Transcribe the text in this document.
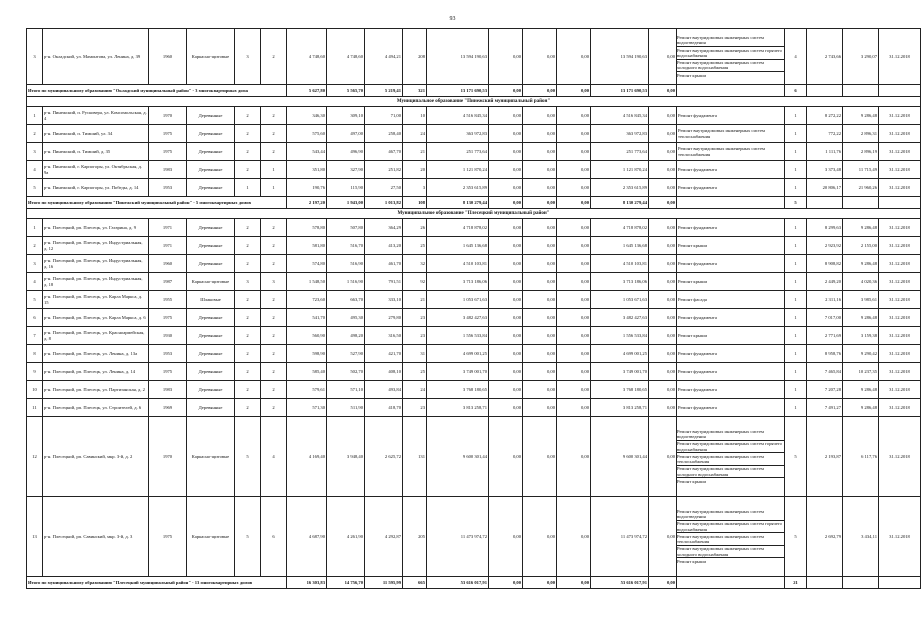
93
3	р-н. Окладский, ул. Мамонтова, ул. Ленина, д. 39	1960	Каркасно-щитовые	3	2	4 748,60	4 748,60	4 494,21	208	13 594 190,63	0,00	0,00	0,00	13 594 190,63	0,00	Ремонт внутридомовых инженерных систем водоотведения
Ремонт внутридомовых инженерных систем горячего водоснабжения
Ремонт внутридомовых инженерных систем холодного водоснабжения
Ремонт крыши	4	2 743,66	3 290,07	31.12.2018
Итого по муниципальному образованию "Окладский муниципальный район" - 3 многоквартирных дома						5 627,80	5 565,70	5 219,41	321	13 171 690,53	0,00	0,00	0,00	13 171 690,53	0,00		6			
Муниципальное образование "Пинежский муниципальный район"																				
1	р-н. Пинежский, п. Русковера, ул. Комсомольская, д. 4	1970	Деревянные	2	2	346,30	309,10	71,00	10	4 516 845,34	0,00	0,00	0,00	4 516 845,34	0,00	Ремонт фундамента	1	8 272,22	9 286,48	31.12.2018
2	р-н. Пинежский, п. Тимший, ул. 34	1975	Деревянные	2	2	575,60	497,00	258,40	24	363 972,83	0,00	0,00	0,00	363 972,83	0,00	Ремонт внутридомовых инженерных систем теплоснабжения	1	772,22	2 896,31	31.12.2018
3	р-н. Пинежский, п. Тимший, д. 35	1975	Деревянные	2	2	543,44	496,90	467,70	21	251 773,64	0,00	0,00	0,00	251 773,64	0,00	Ремонт внутридомовых инженерных систем теплоснабжения	1	1 111,76	2 896,19	31.12.2018
4	р-н. Пинежский, г. Карпогоры, ул. Октябрьская, д. 9а	1983	Деревянные	2	1	351,80	327,90	251,82	20	1 121 870,24	0,00	0,00	0,00	1 121 870,24	0,00	Ремонт фундамента	1	3 373,48	11 715,49	31.12.2018
5	р-н. Пинежский, г. Карпогоры, ул. Победы, д. 14	1953	Деревянные	1	1	190,76	115,90	27,50	3	2 353 615,89	0,00	0,00	0,00	2 353 615,89	0,00	Ремонт фундамента	1	20 806,17	21 960,26	31.12.2018
Итого по муниципальному образованию "Пинежский муниципальный район" - 5 многоквартирных домов						2 197,20	1 943,00	1 013,82	108	8 130 279,44	0,00	0,00	0,00	8 130 279,44	0,00		5			
Муниципальное образование "Плесецкий муниципальный район"																				
1	р-н. Плесецкий, рп. Плесецк, ул. Гагарина, д. 9	1971	Деревянные	2	2	578,80	507,80	364,29	26	4 718 878,02	0,00	0,00	0,00	4 718 878,02	0,00	Ремонт фундамента	1	8 299,63	9 286,48	31.12.2018
2	р-н. Плесецкий, рп. Плесецк, ул. Индустриальная, д. 12	1971	Деревянные	2	2	581,80	516,70	413,20	25	1 645 136,68	0,00	0,00	0,00	1 645 136,68	0,00	Ремонт крыши	1	2 923,92	2 155,00	31.12.2018
3	р-н. Плесецкий, рп. Плесецк, ул. Индустриальная, д. 16	1960	Деревянные	2	2	574,80	516,90	461,70	32	4 510 103,81	0,00	0,00	0,00	4 510 103,81	0,00	Ремонт фундамента	1	8 908,82	9 286,48	31.12.2018
4	р-н. Плесецкий, рп. Плесецк, ул. Индустриальная, д. 18	1987	Каркасно-щитовые	3	3	1 548,50	1 516,90	791,51	92	3 713 186,06	0,00	0,00	0,00	3 713 186,06	0,00	Ремонт крыши	1	2 449,20	4 020,36	31.12.2018
5	р-н. Плесецкий, рп. Плесецк, ул. Карла Маркса, д. 15	1955	Шлаковые	2	2	723,60	663,70	333,10	21	1 053 671,63	0,00	0,00	0,00	1 053 671,63	0,00	Ремонт фасада	1	2 311,16	3 985,61	31.12.2018
6	р-н. Плесецкий, рп. Плесецк, ул. Карла Маркса, д. 6	1975	Деревянные	2	2	541,70	495,30	279,80	23	3 482 427,63	0,00	0,00	0,00	3 482 427,63	0,00	Ремонт фундамента	1	7 017,00	9 286,48	31.12.2018
7	р-н. Плесецкий, рп. Плесецк, ул. Красноармейская, д. 8	1930	Деревянные	2	2	560,90	498,20	316,50	23	1 556 533,84	0,00	0,00	0,00	1 556 533,84	0,00	Ремонт крыши	1	2 771,69	3 159,38	31.12.2018
8	р-н. Плесецкий, рп. Плесецк, ул. Ленина, д. 13а	1953	Деревянные	2	2	598,90	527,90	421,70	31	4 699 001,25	0,00	0,00	0,00	4 699 001,25	0,00	Ремонт фундамента	1	8 958,76	9 290,42	31.12.2018
9	р-н. Плесецкий, рп. Плесецк, ул. Ленина, д. 14	1975	Деревянные	2	2	585,40	502,70	408,10	25	3 749 001,70	0,00	0,00	0,00	3 749 001,70	0,00	Ремонт фундамента	1	7 465,84	10 237,35	31.12.2018
10	р-н. Плесецкий, рп. Плесецк, ул. Партизанская, д. 2	1983	Деревянные	2	2	579,61	571,10	493,84	24	3 768 180,65	0,00	0,00	0,00	3 768 180,65	0,00	Ремонт фундамента	1	7 207,28	9 286,48	31.12.2018
11	р-н. Плесецкий, рп. Плесецк, ул. Строителей, д. 6	1969	Деревянные	2	2	571,30	511,90	418,70	23	3 813 258,71	0,00	0,00	0,00	3 813 258,71	0,00	Ремонт фундамента	1	7 491,27	9 286,48	31.12.2018
12	р-н. Плесецкий, рп. Савинский, мкр. 3-й, д. 2	1970	Каркасно-щитовые	5	4	4 169,40	3 948,40	2 625,72	131	9 600 301,44	0,00	0,00	0,00	9 600 301,44	0,00	Ремонт внутридомовых инженерных систем водоотведения
Ремонт внутридомовых инженерных систем горячего водоснабжения
Ремонт внутридомовых инженерных систем теплоснабжения
Ремонт внутридомовых инженерных систем холодного водоснабжения
Ремонт крыши	5	2 193,87	6 117,76	31.12.2018
13	р-н. Плесецкий, рп. Савинский, мкр. 3-й, д. 3	1975	Каркасно-щитовые	5	6	4 687,90	4 261,90	4 292,87	205	11 473 974,72	0,00	0,00	0,00	11 473 974,72	0,00	Ремонт внутридомовых инженерных систем водоотведения
Ремонт внутридомовых инженерных систем горячего водоснабжения
Ремонт внутридомовых инженерных систем теплоснабжения
Ремонт внутридомовых инженерных систем холодного водоснабжения
Ремонт крыши	5	2 692,79	3 434,11	31.12.2018
Итого по муниципальному образованию "Плесецкий муниципальный район" - 13 многоквартирных домов						16 303,83	14 756,70	11 595,99	665	53 616 017,91	0,00	0,00	0,00	53 616 017,91	0,00		21			
